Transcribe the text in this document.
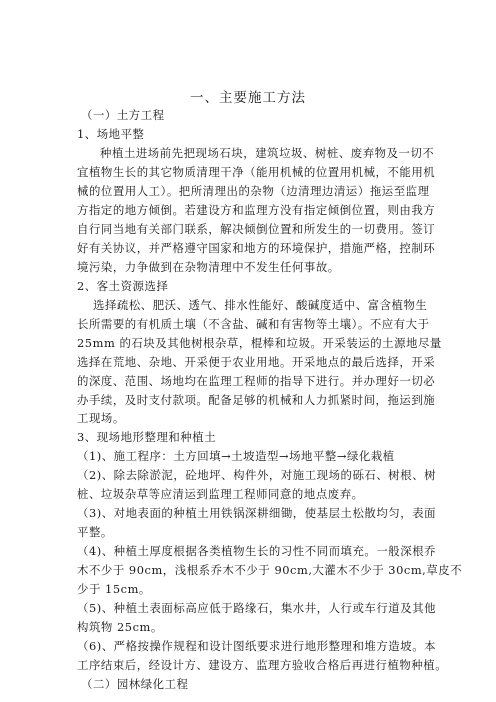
一、主要施工方法
（一）土方工程
1、场地平整
种植土进场前先把现场石块，建筑垃圾、树桩、废弃物及一切不
宜植物生长的其它物质清理干净（能用机械的位置用机械，不能用机
械的位置用人工）。把所清理出的杂物（边清理边清运）拖运至监理
方指定的地方倾倒。若建设方和监理方没有指定倾倒位置，则由我方
自行同当地有关部门联系，解决倾倒位置和所发生的一切费用。签订
好有关协议，并严格遵守国家和地方的环境保护，措施严格，控制环
境污染，力争做到在杂物清理中不发生任何事故。
2、客土资源选择
选择疏松、肥沃、透气、排水性能好、酸碱度适中、富含植物生
长所需要的有机质土壤（不含盐、碱和有害物等土壤）。不应有大于
25mm 的石块及其他树根杂草，棍棒和垃圾。开采装运的土源地尽量
选择在荒地、杂地、开采便于农业用地。开采地点的最后选择，开采
的深度、范围、场地均在监理工程师的指导下进行。并办理好一切必
办手续，及时支付款项。配备足够的机械和人力抓紧时间，拖运到施
工现场。
3、现场地形整理和种植土
（1)、施工程序：土方回填→土坡造型→场地平整→绿化栽植
（2)、除去除淤泥，砼地坪、构件外，对施工现场的砾石、树根、树
桩、垃圾杂草等应清运到监理工程师同意的地点废弃。
（3)、对地表面的种植土用铁锅深耕细锄，使基层土松散均匀，表面
平整。
（4)、种植土厚度根据各类植物生长的习性不同而填充。一般深根乔
木不少于 90cm，浅根系乔木不少于 90cm,大灌木不少于 30cm,草皮不
少于 15cm。
（5)、种植土表面标高应低于路缘石，集水井，人行或车行道及其他
构筑物 25cm。
（6)、严格按操作规程和设计图纸要求进行地形整理和堆方造坡。本
工序结束后，经设计方、建设方、监理方验收合格后再进行植物种植。
（二）园林绿化工程
